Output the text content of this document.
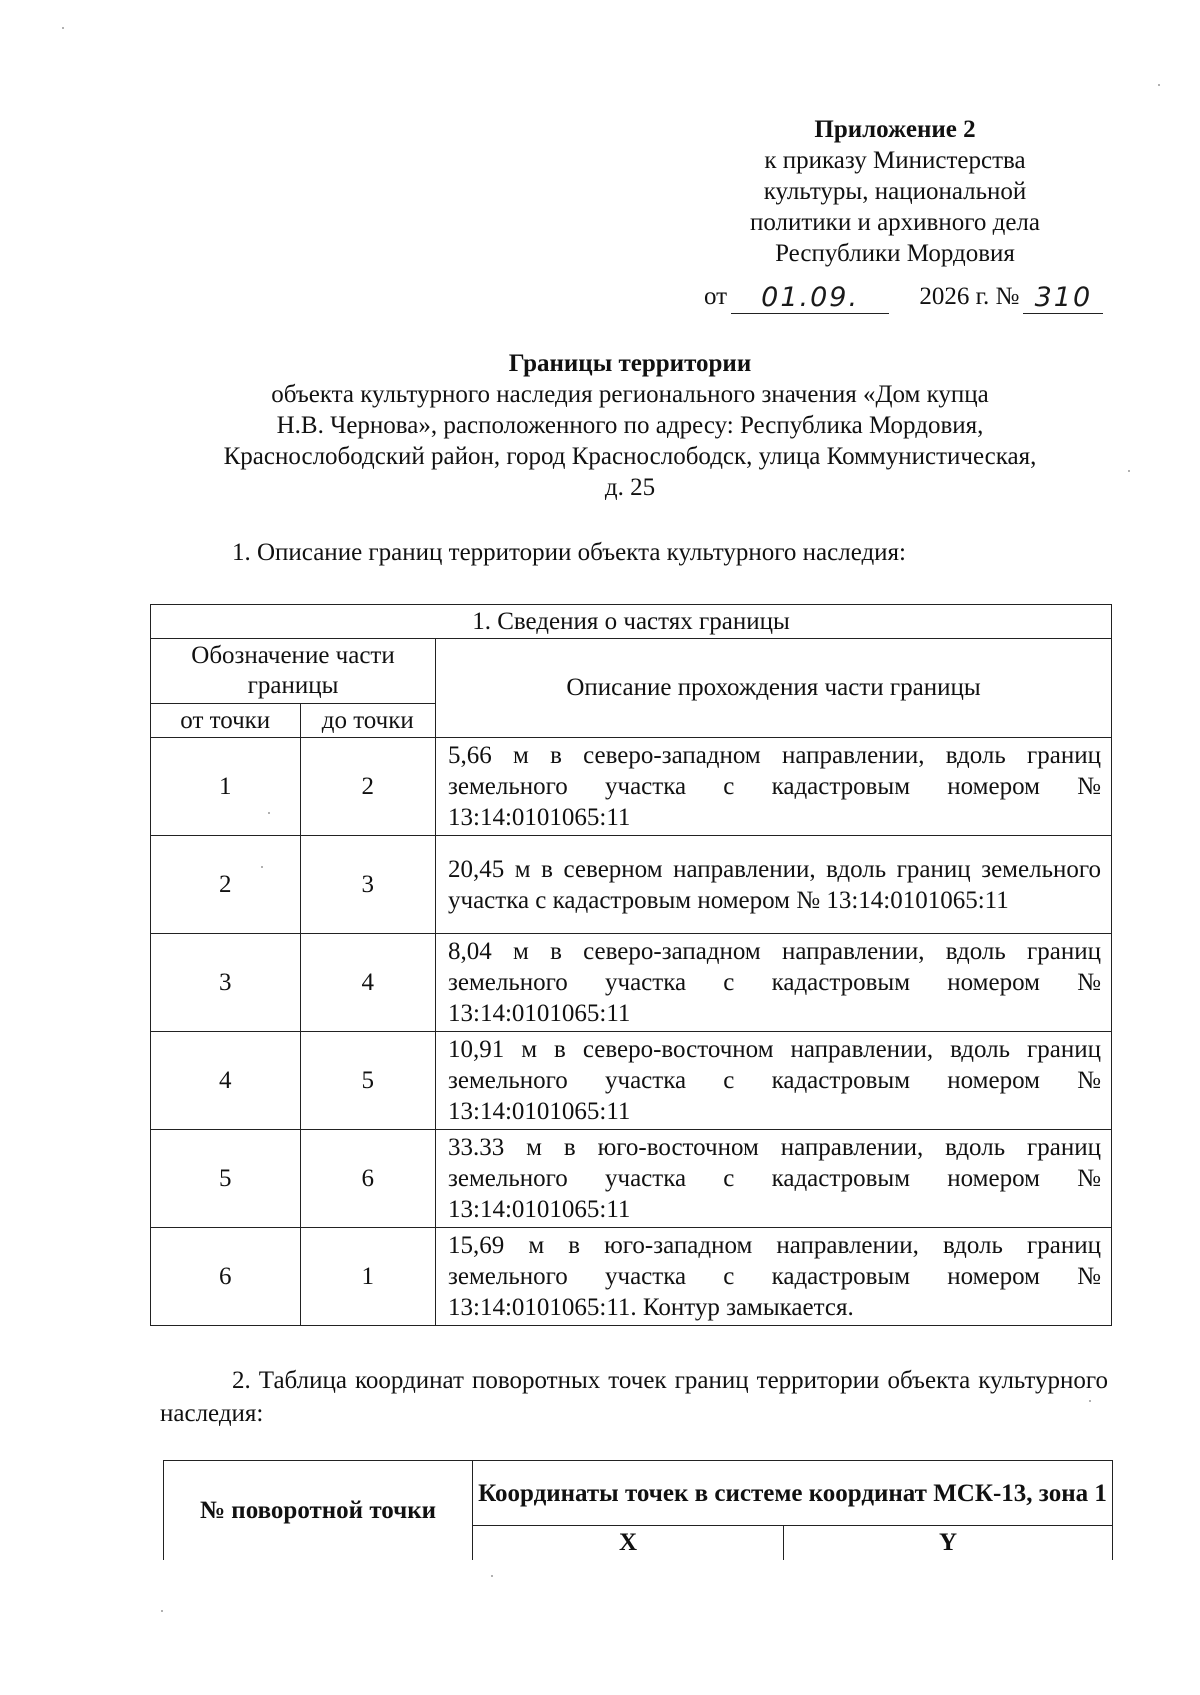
Приложение 2
к приказу Министерства
культуры, национальной
политики и архивного дела
Республики Мордовия
от 01.09. 2026 г. № 310
Границы территории
объекта культурного наследия регионального значения «Дом купца
Н.В. Чернова», расположенного по адресу: Республика Мордовия,
Краснослободский район, город Краснослободск, улица Коммунистическая,
д. 25
1. Описание границ территории объекта культурного наследия:
1. Сведения о частях границы		
Обозначение части границы		Описание прохождения части границы
от точки	до точки	
1	2	5,66 м в северо-западном направлении, вдоль границ земельного участка с кадастровым номером № 13:14:0101065:11
2	3	20,45 м в северном направлении, вдоль границ земельного участка с кадастровым номером № 13:14:0101065:11
3	4	8,04 м в северо-западном направлении, вдоль границ земельного участка с кадастровым номером № 13:14:0101065:11
4	5	10,91 м в северо-восточном направлении, вдоль границ земельного участка с кадастровым номером № 13:14:0101065:11
5	6	33.33 м в юго-восточном направлении, вдоль границ земельного участка с кадастровым номером № 13:14:0101065:11
6	1	15,69 м в юго-западном направлении, вдоль границ земельного участка с кадастровым номером № 13:14:0101065:11. Контур замыкается.
2. Таблица координат поворотных точек границ территории объекта культурного наследия:
№ поворотной точки	Координаты точек в системе координат МСК-13, зона 1	
	X	Y
